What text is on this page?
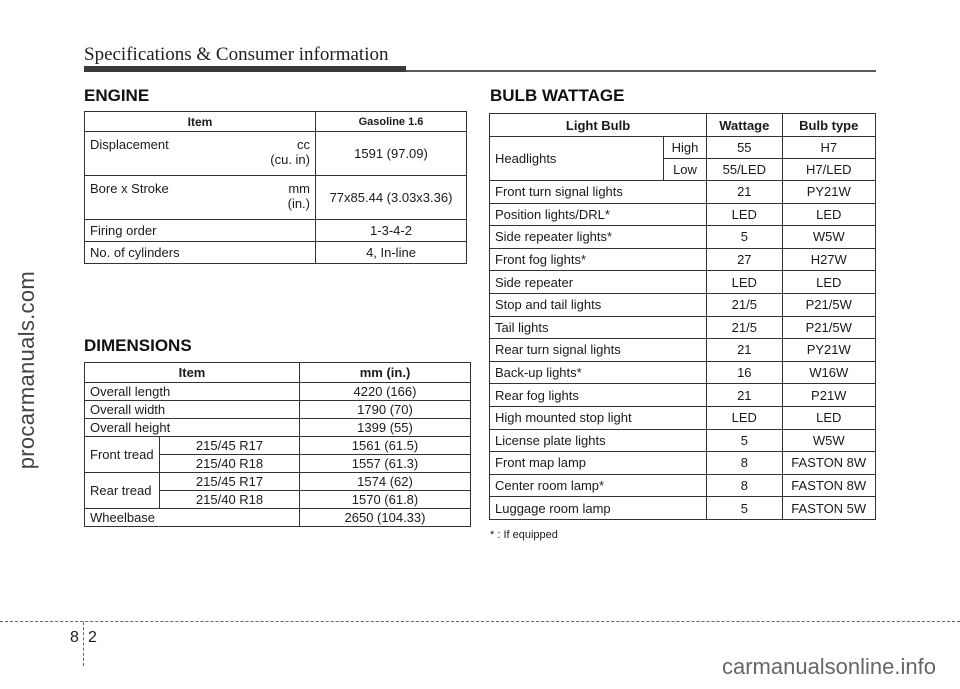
Specifications & Consumer information
procarmanuals.com
ENGINE
Item	Gasoline 1.6

Displacement cc
(cu. in)	1591 (97.09)

Bore x Stroke mm
(in.)	77x85.44 (3.03x3.36)
Firing order	1-3-4-2
No. of cylinders	4, In-line
DIMENSIONS
Item		mm (in.)
Overall length		4220 (166)
Overall width		1790 (70)
Overall height		1399 (55)
Front tread	215/45 R17	1561 (61.5)
	215/40 R18	1557 (61.3)
Rear tread	215/45 R17	1574 (62)
	215/40 R18	1570 (61.8)
Wheelbase		2650 (104.33)
BULB WATTAGE
Light Bulb		Wattage	Bulb type
Headlights	High	55	H7
	Low	55/LED	H7/LED
Front turn signal lights		21	PY21W
Position lights/DRL*		LED	LED
Side repeater lights*		5	W5W
Front fog lights*		27	H27W
Side repeater		LED	LED
Stop and tail lights		21/5	P21/5W
Tail lights		21/5	P21/5W
Rear turn signal lights		21	PY21W
Back-up lights*		16	W16W
Rear fog lights		21	P21W
High mounted stop light		LED	LED
License plate lights		5	W5W
Front map lamp		8	FASTON 8W
Center room lamp*		8	FASTON 8W
Luggage room lamp		5	FASTON 5W
* : If equipped
8 2
carmanualsonline.info
